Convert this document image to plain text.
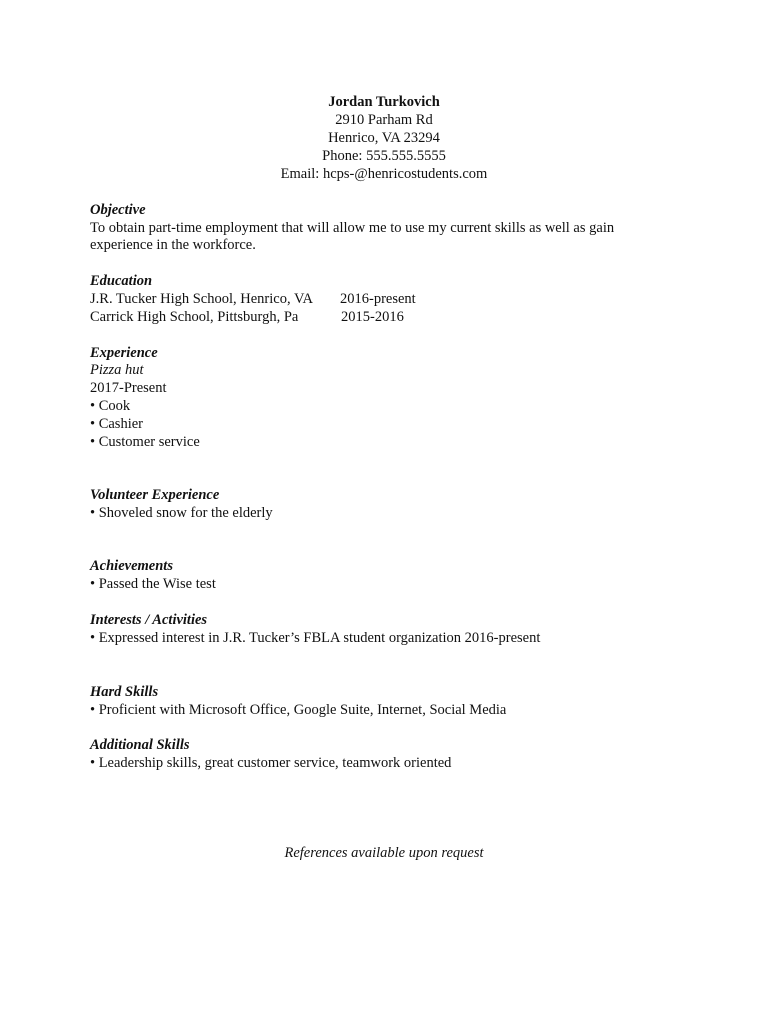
Jordan Turkovich
2910 Parham Rd
Henrico, VA 23294
Phone: 555.555.5555
Email: hcps-@henricostudents.com
Objective
To obtain part-time employment that will allow me to use my current skills as well as gain
experience in the workforce.
Education
J.R. Tucker High School, Henrico, VA 2016-present
Carrick High School, Pittsburgh, Pa	2015-2016
Experience
Pizza hut
2017-Present
• Cook
• Cashier
• Customer service
Volunteer Experience
• Shoveled snow for the elderly
Achievements
• Passed the Wise test
Interests / Activities
• Expressed interest in J.R. Tucker’s FBLA student organization 2016-present
Hard Skills
• Proficient with Microsoft Office, Google Suite, Internet, Social Media
Additional Skills
• Leadership skills, great customer service, teamwork oriented
References available upon request
